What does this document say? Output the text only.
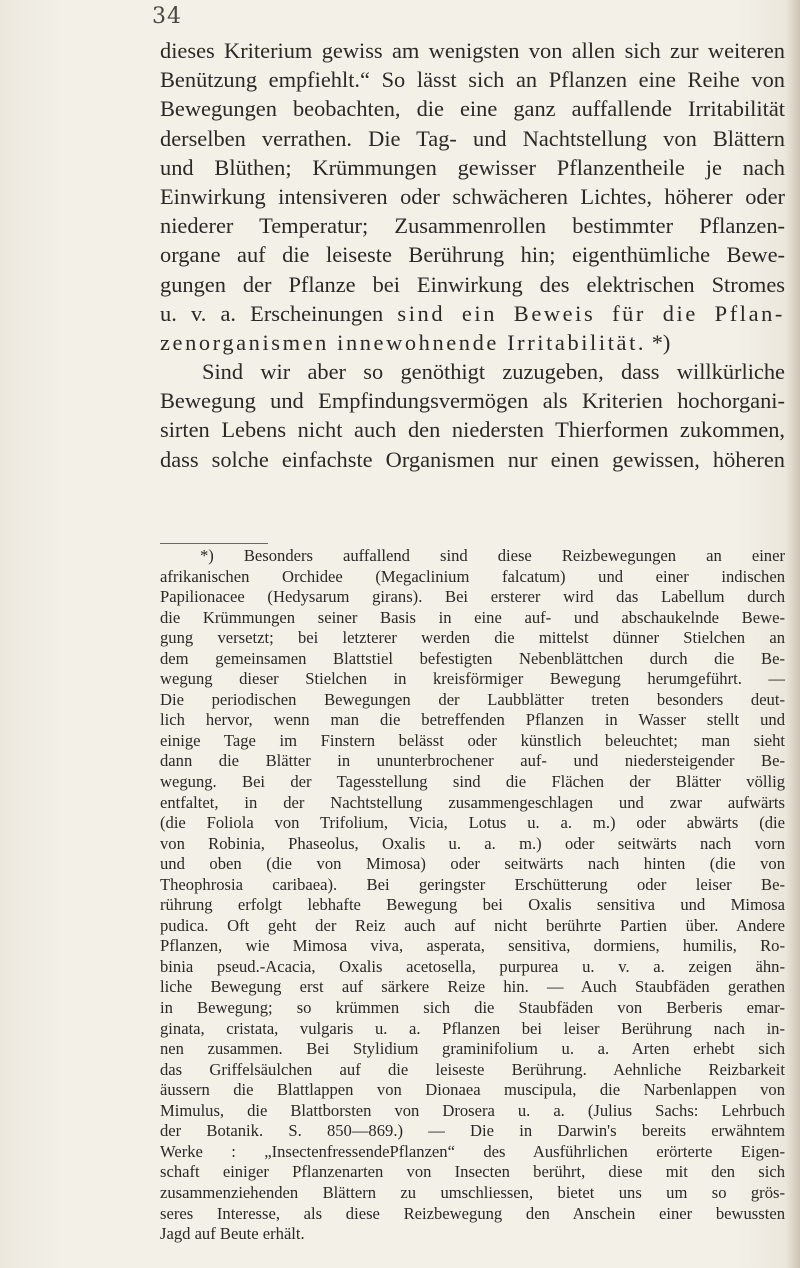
34
dieses Kriterium gewiss am wenigsten von allen sich zur weiteren
Benützung empfiehlt.“ So lässt sich an Pflanzen eine Reihe von
Bewegungen beobachten, die eine ganz auffallende Irritabilität
derselben verrathen. Die Tag- und Nachtstellung von Blättern
und Blüthen; Krümmungen gewisser Pflanzentheile je nach
Einwirkung intensiveren oder schwächeren Lichtes, höherer oder
niederer Temperatur; Zusammenrollen bestimmter Pflanzen-
organe auf die leiseste Berührung hin; eigenthümliche Bewe-
gungen der Pflanze bei Einwirkung des elektrischen Stromes
u. v. a. Erscheinungen sind ein Beweis für die Pflan-
zenorganismen innewohnende Irritabilität. *)
Sind wir aber so genöthigt zuzugeben, dass willkürliche
Bewegung und Empfindungsvermögen als Kriterien hochorgani-
sirten Lebens nicht auch den niedersten Thierformen zukommen,
dass solche einfachste Organismen nur einen gewissen, höheren
*) Besonders auffallend sind diese Reizbewegungen an einer
afrikanischen Orchidee (Megaclinium falcatum) und einer indischen
Papilionacee (Hedysarum girans). Bei ersterer wird das Labellum durch
die Krümmungen seiner Basis in eine auf- und abschaukelnde Bewe-
gung versetzt; bei letzterer werden die mittelst dünner Stielchen an
dem gemeinsamen Blattstiel befestigten Nebenblättchen durch die Be-
wegung dieser Stielchen in kreisförmiger Bewegung herumgeführt. —
Die periodischen Bewegungen der Laubblätter treten besonders deut-
lich hervor, wenn man die betreffenden Pflanzen in Wasser stellt und
einige Tage im Finstern belässt oder künstlich beleuchtet; man sieht
dann die Blätter in ununterbrochener auf- und niedersteigender Be-
wegung. Bei der Tagesstellung sind die Flächen der Blätter völlig
entfaltet, in der Nachtstellung zusammengeschlagen und zwar aufwärts
(die Foliola von Trifolium, Vicia, Lotus u. a. m.) oder abwärts (die
von Robinia, Phaseolus, Oxalis u. a. m.) oder seitwärts nach vorn
und oben (die von Mimosa) oder seitwärts nach hinten (die von
Theophrosia caribaea). Bei geringster Erschütterung oder leiser Be-
rührung erfolgt lebhafte Bewegung bei Oxalis sensitiva und Mimosa
pudica. Oft geht der Reiz auch auf nicht berührte Partien über. Andere
Pflanzen, wie Mimosa viva, asperata, sensitiva, dormiens, humilis, Ro-
binia pseud.-Acacia, Oxalis acetosella, purpurea u. v. a. zeigen ähn-
liche Bewegung erst auf särkere Reize hin. — Auch Staubfäden gerathen
in Bewegung; so krümmen sich die Staubfäden von Berberis emar-
ginata, cristata, vulgaris u. a. Pflanzen bei leiser Berührung nach in-
nen zusammen. Bei Stylidium graminifolium u. a. Arten erhebt sich
das Griffelsäulchen auf die leiseste Berührung. Aehnliche Reizbarkeit
äussern die Blattlappen von Dionaea muscipula, die Narbenlappen von
Mimulus, die Blattborsten von Drosera u. a. (Julius Sachs: Lehrbuch
der Botanik. S. 850—869.) — Die in Darwin's bereits erwähntem
Werke : „InsectenfressendePflanzen“ des Ausführlichen erörterte Eigen-
schaft einiger Pflanzenarten von Insecten berührt, diese mit den sich
zusammenziehenden Blättern zu umschliessen, bietet uns um so grös-
seres Interesse, als diese Reizbewegung den Anschein einer bewussten
Jagd auf Beute erhält.
